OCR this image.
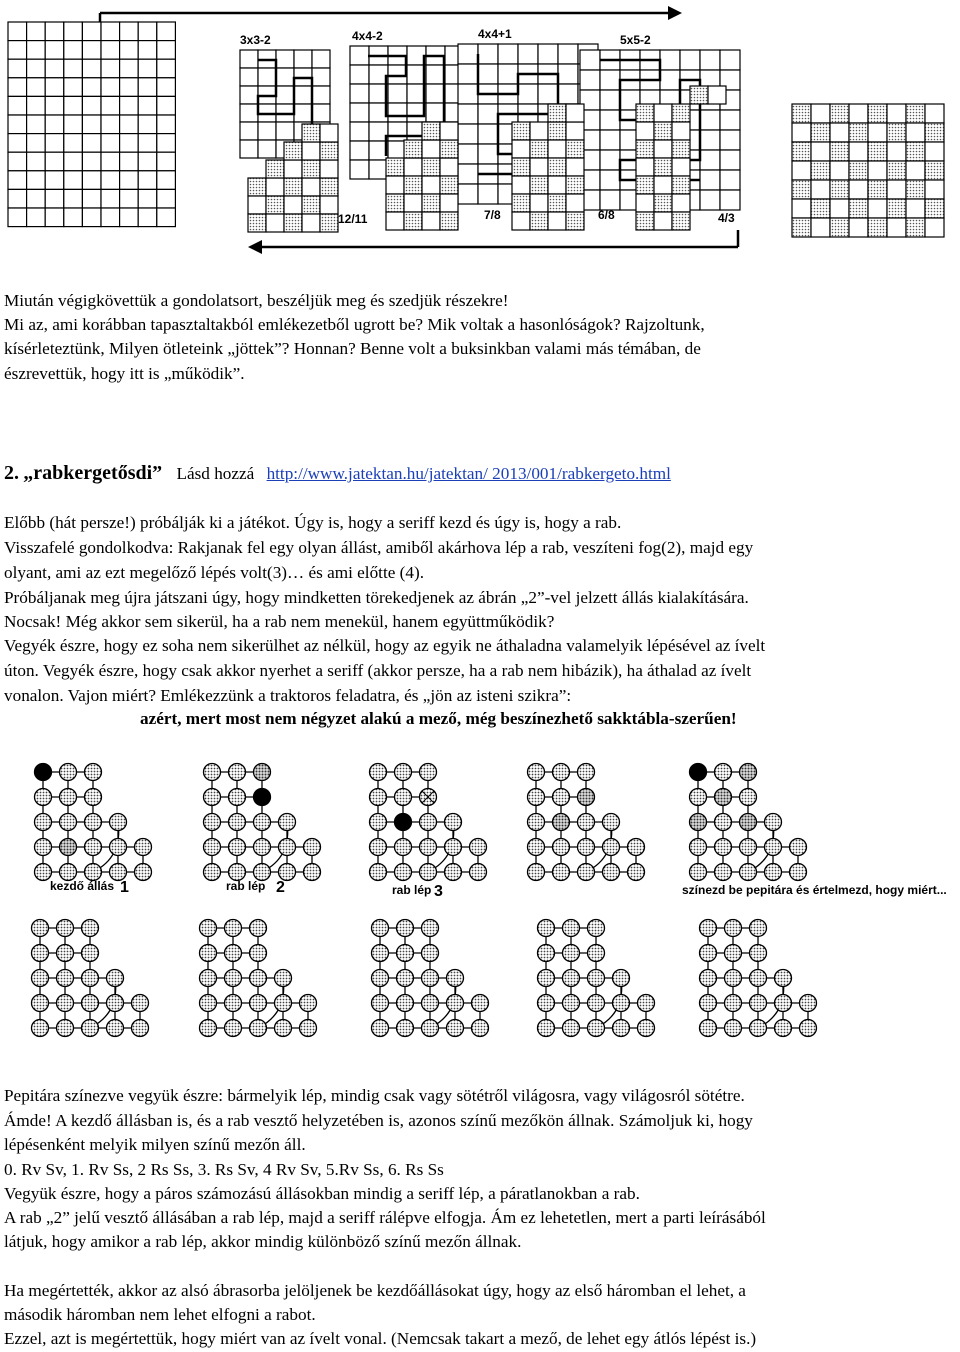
3x3-2	4x4-2	4x4+1	5x5-2
12/11	7/8	6/8	4/3
Miután végigkövettük a gondolatsort, beszéljük meg és szedjük részekre!
Mi az, ami korábban tapasztaltakból emlékezetből ugrott be? Mik voltak a hasonlóságok? Rajzoltunk,
kísérleteztünk, Milyen ötleteink „jöttek”? Honnan? Benne volt a buksinkban valami más témában, de
észrevettük, hogy itt is „működik”.
2. „rabkergetősdi” Lásd hozzá http://www.jatektan.hu/jatektan/ 2013/001/rabkergeto.html
Előbb (hát persze!) próbálják ki a játékot. Úgy is, hogy a seriff kezd és úgy is, hogy a rab.
Visszafelé gondolkodva: Rakjanak fel egy olyan állást, amiből akárhova lép a rab, veszíteni fog(2), majd egy
olyant, ami az ezt megelőző lépés volt(3)… és ami előtte (4).
Próbáljanak meg újra játszani úgy, hogy mindketten törekedjenek az ábrán „2”-vel jelzett állás kialakítására.
Nocsak! Még akkor sem sikerül, ha a rab nem menekül, hanem együttműködik?
Vegyék észre, hogy ez soha nem sikerülhet az nélkül, hogy az egyik ne áthaladna valamelyik lépésével az ívelt
úton. Vegyék észre, hogy csak akkor nyerhet a seriff (akkor persze, ha a rab nem hibázik), ha áthalad az ívelt
vonalon. Vajon miért? Emlékezzünk a traktoros feladatra, és „jön az isteni szikra”:
azért, mert most nem négyzet alakú a mező, még beszínezhető sakktábla-szerűen!
kezdő állás 1	rab lép 2	rab lép 3	színezd be pepitára és értelmezd, hogy miért...
Pepitára színezve vegyük észre: bármelyik lép, mindig csak vagy sötétről világosra, vagy világosról sötétre.
Ámde! A kezdő állásban is, és a rab vesztő helyzetében is, azonos színű mezőkön állnak. Számoljuk ki, hogy
lépésenként melyik milyen színű mezőn áll.
0. Rv Sv, 1. Rv Ss, 2 Rs Ss, 3. Rs Sv, 4 Rv Sv, 5.Rv Ss, 6. Rs Ss
Vegyük észre, hogy a páros számozású állásokban mindig a seriff lép, a páratlanokban a rab.
A rab „2” jelű vesztő állásában a rab lép, majd a seriff rálépve elfogja. Ám ez lehetetlen, mert a parti leírásából
látjuk, hogy amikor a rab lép, akkor mindig különböző színű mezőn állnak.
Ha megértették, akkor az alsó ábrasorba jelöljenek be kezdőállásokat úgy, hogy az első háromban el lehet, a
második háromban nem lehet elfogni a rabot.
Ezzel, azt is megértettük, hogy miért van az ívelt vonal. (Nemcsak takart a mező, de lehet egy átlós lépést is.)
